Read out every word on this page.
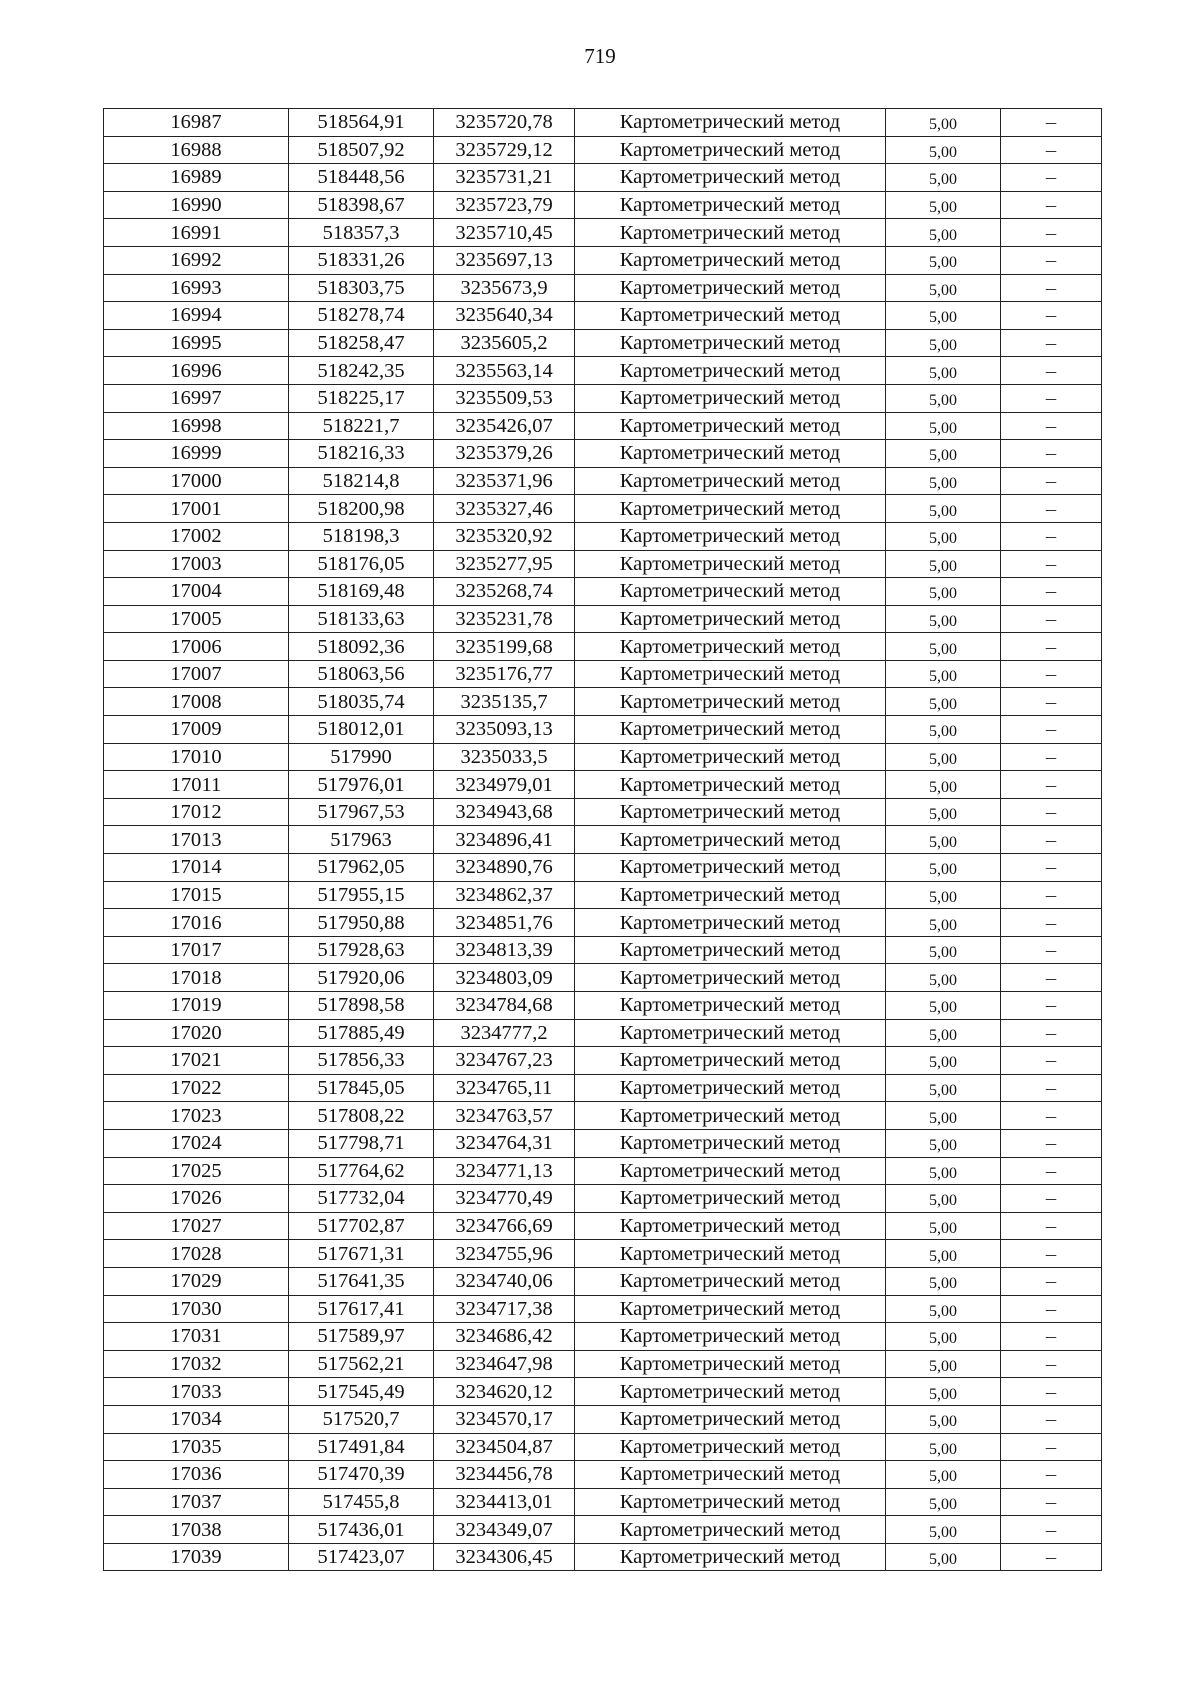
719
16987	518564,91	3235720,78	Картометрический метод	5,00	–
16988	518507,92	3235729,12	Картометрический метод	5,00	–
16989	518448,56	3235731,21	Картометрический метод	5,00	–
16990	518398,67	3235723,79	Картометрический метод	5,00	–
16991	518357,3	3235710,45	Картометрический метод	5,00	–
16992	518331,26	3235697,13	Картометрический метод	5,00	–
16993	518303,75	3235673,9	Картометрический метод	5,00	–
16994	518278,74	3235640,34	Картометрический метод	5,00	–
16995	518258,47	3235605,2	Картометрический метод	5,00	–
16996	518242,35	3235563,14	Картометрический метод	5,00	–
16997	518225,17	3235509,53	Картометрический метод	5,00	–
16998	518221,7	3235426,07	Картометрический метод	5,00	–
16999	518216,33	3235379,26	Картометрический метод	5,00	–
17000	518214,8	3235371,96	Картометрический метод	5,00	–
17001	518200,98	3235327,46	Картометрический метод	5,00	–
17002	518198,3	3235320,92	Картометрический метод	5,00	–
17003	518176,05	3235277,95	Картометрический метод	5,00	–
17004	518169,48	3235268,74	Картометрический метод	5,00	–
17005	518133,63	3235231,78	Картометрический метод	5,00	–
17006	518092,36	3235199,68	Картометрический метод	5,00	–
17007	518063,56	3235176,77	Картометрический метод	5,00	–
17008	518035,74	3235135,7	Картометрический метод	5,00	–
17009	518012,01	3235093,13	Картометрический метод	5,00	–
17010	517990	3235033,5	Картометрический метод	5,00	–
17011	517976,01	3234979,01	Картометрический метод	5,00	–
17012	517967,53	3234943,68	Картометрический метод	5,00	–
17013	517963	3234896,41	Картометрический метод	5,00	–
17014	517962,05	3234890,76	Картометрический метод	5,00	–
17015	517955,15	3234862,37	Картометрический метод	5,00	–
17016	517950,88	3234851,76	Картометрический метод	5,00	–
17017	517928,63	3234813,39	Картометрический метод	5,00	–
17018	517920,06	3234803,09	Картометрический метод	5,00	–
17019	517898,58	3234784,68	Картометрический метод	5,00	–
17020	517885,49	3234777,2	Картометрический метод	5,00	–
17021	517856,33	3234767,23	Картометрический метод	5,00	–
17022	517845,05	3234765,11	Картометрический метод	5,00	–
17023	517808,22	3234763,57	Картометрический метод	5,00	–
17024	517798,71	3234764,31	Картометрический метод	5,00	–
17025	517764,62	3234771,13	Картометрический метод	5,00	–
17026	517732,04	3234770,49	Картометрический метод	5,00	–
17027	517702,87	3234766,69	Картометрический метод	5,00	–
17028	517671,31	3234755,96	Картометрический метод	5,00	–
17029	517641,35	3234740,06	Картометрический метод	5,00	–
17030	517617,41	3234717,38	Картометрический метод	5,00	–
17031	517589,97	3234686,42	Картометрический метод	5,00	–
17032	517562,21	3234647,98	Картометрический метод	5,00	–
17033	517545,49	3234620,12	Картометрический метод	5,00	–
17034	517520,7	3234570,17	Картометрический метод	5,00	–
17035	517491,84	3234504,87	Картометрический метод	5,00	–
17036	517470,39	3234456,78	Картометрический метод	5,00	–
17037	517455,8	3234413,01	Картометрический метод	5,00	–
17038	517436,01	3234349,07	Картометрический метод	5,00	–
17039	517423,07	3234306,45	Картометрический метод	5,00	–
